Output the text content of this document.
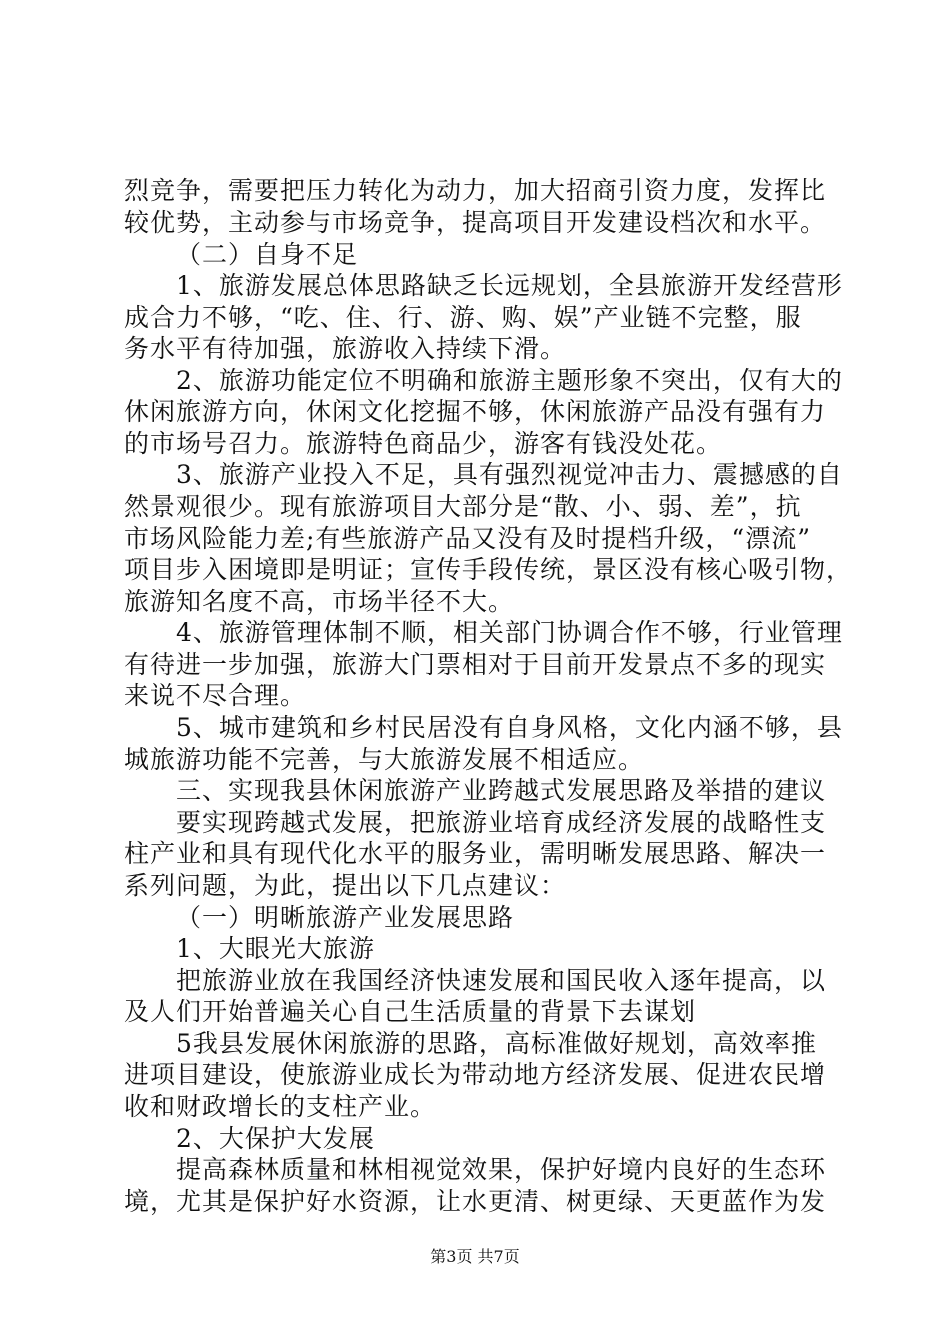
烈竞争，需要把压力转化为动力，加大招商引资力度，发挥比
较优势，主动参与市场竞争，提高项目开发建设档次和水平。
（二）自身不足
1、旅游发展总体思路缺乏长远规划，全县旅游开发经营形
成合力不够，“吃、住、行、游、购、娱”产业链不完整，服
务水平有待加强，旅游收入持续下滑。
2、旅游功能定位不明确和旅游主题形象不突出，仅有大的
休闲旅游方向，休闲文化挖掘不够，休闲旅游产品没有强有力
的市场号召力。旅游特色商品少，游客有钱没处花。
3、旅游产业投入不足，具有强烈视觉冲击力、震撼感的自
然景观很少。现有旅游项目大部分是“散、小、弱、差”，抗
市场风险能力差;有些旅游产品又没有及时提档升级，“漂流”
项目步入困境即是明证；宣传手段传统，景区没有核心吸引物，
旅游知名度不高，市场半径不大。
4、旅游管理体制不顺，相关部门协调合作不够，行业管理
有待进一步加强，旅游大门票相对于目前开发景点不多的现实
来说不尽合理。
5、城市建筑和乡村民居没有自身风格，文化内涵不够，县
城旅游功能不完善，与大旅游发展不相适应。
三、实现我县休闲旅游产业跨越式发展思路及举措的建议
要实现跨越式发展，把旅游业培育成经济发展的战略性支
柱产业和具有现代化水平的服务业，需明晰发展思路、解决一
系列问题，为此，提出以下几点建议：
（一）明晰旅游产业发展思路
1、大眼光大旅游
把旅游业放在我国经济快速发展和国民收入逐年提高，以
及人们开始普遍关心自己生活质量的背景下去谋划
5我县发展休闲旅游的思路，高标准做好规划，高效率推
进项目建设，使旅游业成长为带动地方经济发展、促进农民增
收和财政增长的支柱产业。
2、大保护大发展
提高森林质量和林相视觉效果，保护好境内良好的生态环
境，尤其是保护好水资源，让水更清、树更绿、天更蓝作为发
第3页 共7页
